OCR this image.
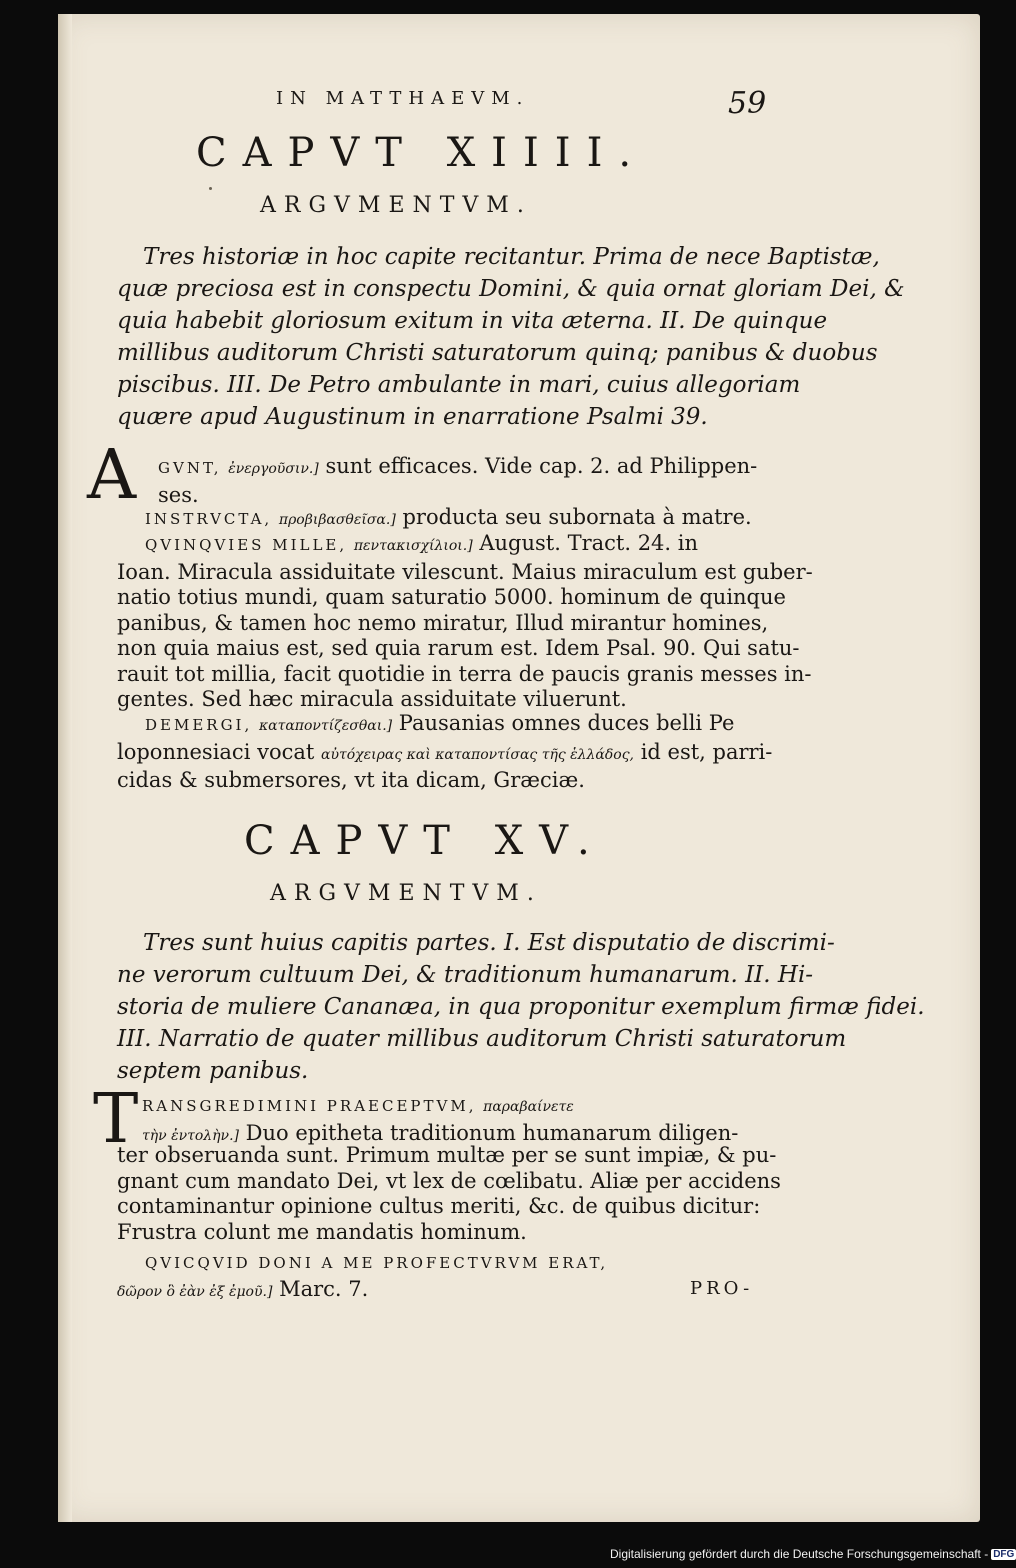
IN MATTHAEVM.	59
CAPVT XIIII.
ARGVMENTVM.
Tres historiæ in hoc capite recitantur. Prima de nece Baptistæ,
quæ preciosa est in conspectu Domini, & quia ornat gloriam Dei, &
quia habebit gloriosum exitum in vita æterna. II. De quinque
millibus auditorum Christi saturatorum quinq; panibus & duobus
piscibus. III. De Petro ambulante in mari, cuius allegoriam
quære apud Augustinum in enarratione Psalmi 39.
A GVNT, ἐνεργοῦσιν.] sunt efficaces. Vide cap. 2. ad Philippen-
ses.
INSTRVCTA, προβιβασθεῖσα.] producta seu subornata à matre.
QVINQVIES MILLE, πεντακισχίλιοι.] August. Tract. 24. in
Ioan. Miracula assiduitate vilescunt. Maius miraculum est guber-
natio totius mundi, quam saturatio 5000. hominum de quinque
panibus, & tamen hoc nemo miratur, Illud mirantur homines,
non quia maius est, sed quia rarum est. Idem Psal. 90. Qui satu-
rauit tot millia, facit quotidie in terra de paucis granis messes in-
gentes. Sed hæc miracula assiduitate viluerunt.
DEMERGI, καταποντίζεσθαι.] Pausanias omnes duces belli Pe
loponnesiaci vocat αὐτόχειρας καὶ καταποντίσας τῆς ἑλλάδος, id est, parri-
cidas & submersores, vt ita dicam, Græciæ.
CAPVT XV.
ARGVMENTVM.
Tres sunt huius capitis partes. I. Est disputatio de discrimi-
ne verorum cultuum Dei, & traditionum humanarum. II. Hi-
storia de muliere Cananæa, in qua proponitur exemplum firmæ fidei.
III. Narratio de quater millibus auditorum Christi saturatorum
septem panibus.
T RANSGREDIMINI PRAECEPTVM, παραβαίνετε
τὴν ἐντολὴν.] Duo epitheta traditionum humanarum diligen-
ter obseruanda sunt. Primum multæ per se sunt impiæ, & pu-
gnant cum mandato Dei, vt lex de cœlibatu. Aliæ per accidens
contaminantur opinione cultus meriti, &c. de quibus dicitur:
Frustra colunt me mandatis hominum.
QVICQVID DONI A ME PROFECTVRVM ERAT,
δῶρον ὃ ἐὰν ἐξ ἐμοῦ.] Marc. 7.	PRO-
Digitalisierung gefördert durch die Deutsche Forschungsgemeinschaft - DFG
